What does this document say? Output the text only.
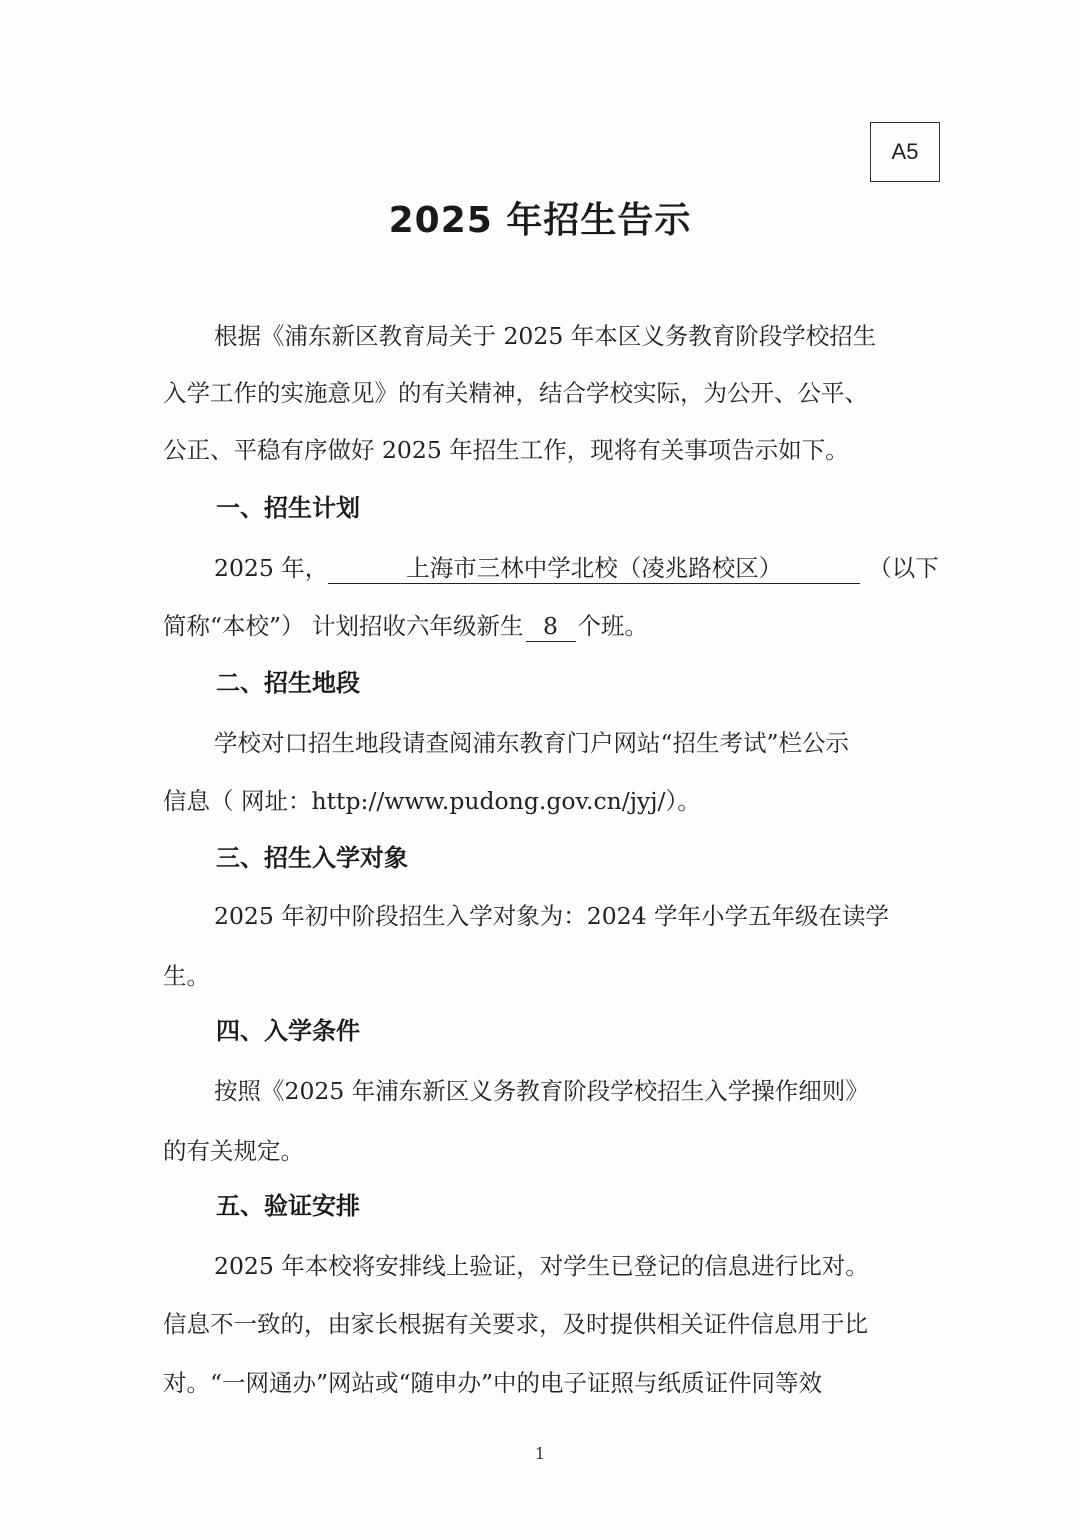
A5
2025 年招生告示
根据《浦东新区教育局关于 2025 年本区义务教育阶段学校招生
入学工作的实施意见》的有关精神，结合学校实际，为公开、公平、
公正、平稳有序做好 2025 年招生工作，现将有关事项告示如下。
一、招生计划
2025 年，	上海市三林中学北校（凌兆路校区）	（以下
简称“本校”） 计划招收六年级新生 8 个班。
二、招生地段
学校对口招生地段请查阅浦东教育门户网站“招生考试”栏公示
信息（ 网址：http://www.pudong.gov.cn/jyj/）。
三、招生入学对象
2025 年初中阶段招生入学对象为：2024 学年小学五年级在读学
生。
四、入学条件
按照《2025 年浦东新区义务教育阶段学校招生入学操作细则》
的有关规定。
五、验证安排
2025 年本校将安排线上验证，对学生已登记的信息进行比对。
信息不一致的，由家长根据有关要求，及时提供相关证件信息用于比
对。“一网通办”网站或“随申办”中的电子证照与纸质证件同等效
1
